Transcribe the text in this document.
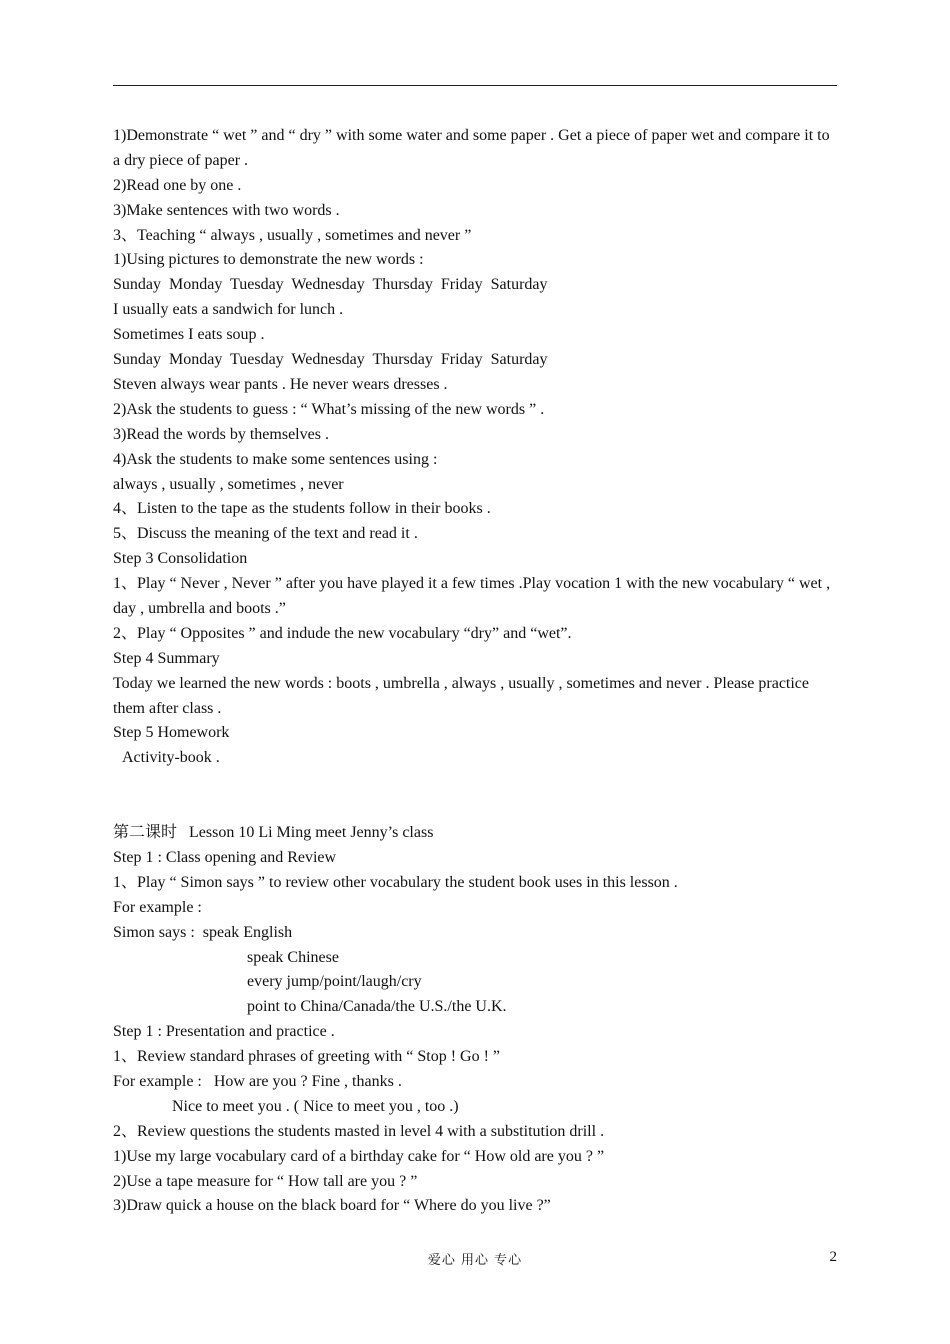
1)Demonstrate “ wet ” and “ dry ” with some water and some paper . Get a piece of paper wet and compare it to a dry piece of paper .
2)Read one by one .
3)Make sentences with two words .
3、Teaching “ always , usually , sometimes and never ”
1)Using pictures to demonstrate the new words :
Sunday  Monday  Tuesday  Wednesday  Thursday  Friday  Saturday
I usually eats a sandwich for lunch .
Sometimes I eats soup .
Sunday  Monday  Tuesday  Wednesday  Thursday  Friday  Saturday
Steven always wear pants . He never wears dresses .
2)Ask the students to guess : “ What’s missing of the new words ” .
3)Read the words by themselves .
4)Ask the students to make some sentences using :
always , usually , sometimes , never
4、Listen to the tape as the students follow in their books .
5、Discuss the meaning of the text and read it .
Step 3 Consolidation
1、Play “ Never , Never ” after you have played it a few times .Play vocation 1 with the new vocabulary “ wet , day , umbrella and boots .”
2、Play “ Opposites ” and indude the new vocabulary “dry” and “wet”.
Step 4 Summary
Today we learned the new words : boots , umbrella , always , usually , sometimes and never . Please practice them after class .
Step 5 Homework
Activity-book .
第二课时   Lesson 10 Li Ming meet Jenny’s class
Step 1 : Class opening and Review
1、Play “ Simon says ” to review other vocabulary the student book uses in this lesson .
For example :
Simon says :  speak English
speak Chinese
every jump/point/laugh/cry
point to China/Canada/the U.S./the U.K.
Step 1 : Presentation and practice .
1、Review standard phrases of greeting with “ Stop ! Go ! ”
For example :   How are you ? Fine , thanks .
Nice to meet you . ( Nice to meet you , too .)
2、Review questions the students masted in level 4 with a substitution drill .
1)Use my large vocabulary card of a birthday cake for “ How old are you ? ”
2)Use a tape measure for “ How tall are you ? ”
3)Draw quick a house on the black board for “ Where do you live ?”
爱心 用心 专心	2
